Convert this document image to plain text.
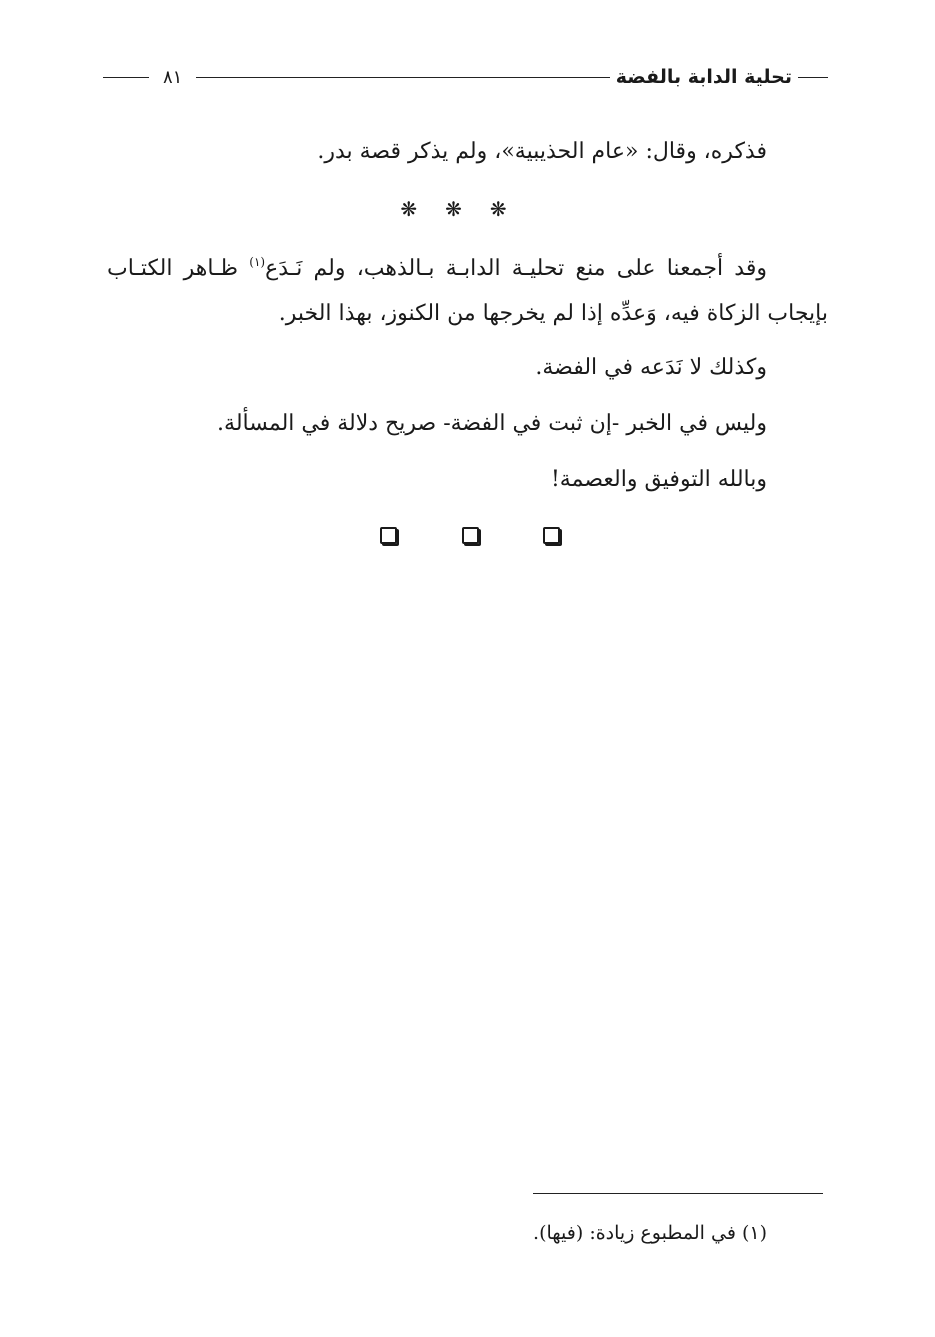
تحلية الدابة بالفضة
٨١
فذكره، وقال: «عام الحذيبية»، ولم يذكر قصة بدر.
❋❋❋
وقد أجمعنا على منع تحليـة الدابـة بـالذهب، ولم نَـدَع$^{(١)}$ ظـاهر الكتـاب
بإيجاب الزكاة فيه، وَعدِّه إذا لم يخرجها من الكنوز، بهذا الخبر.
وكذلك لا نَدَعه في الفضة.
وليس في الخبر -إن ثبت في الفضة- صريح دلالة في المسألة.
وبالله التوفيق والعصمة!
(١) في المطبوع زيادة: (فيها).
